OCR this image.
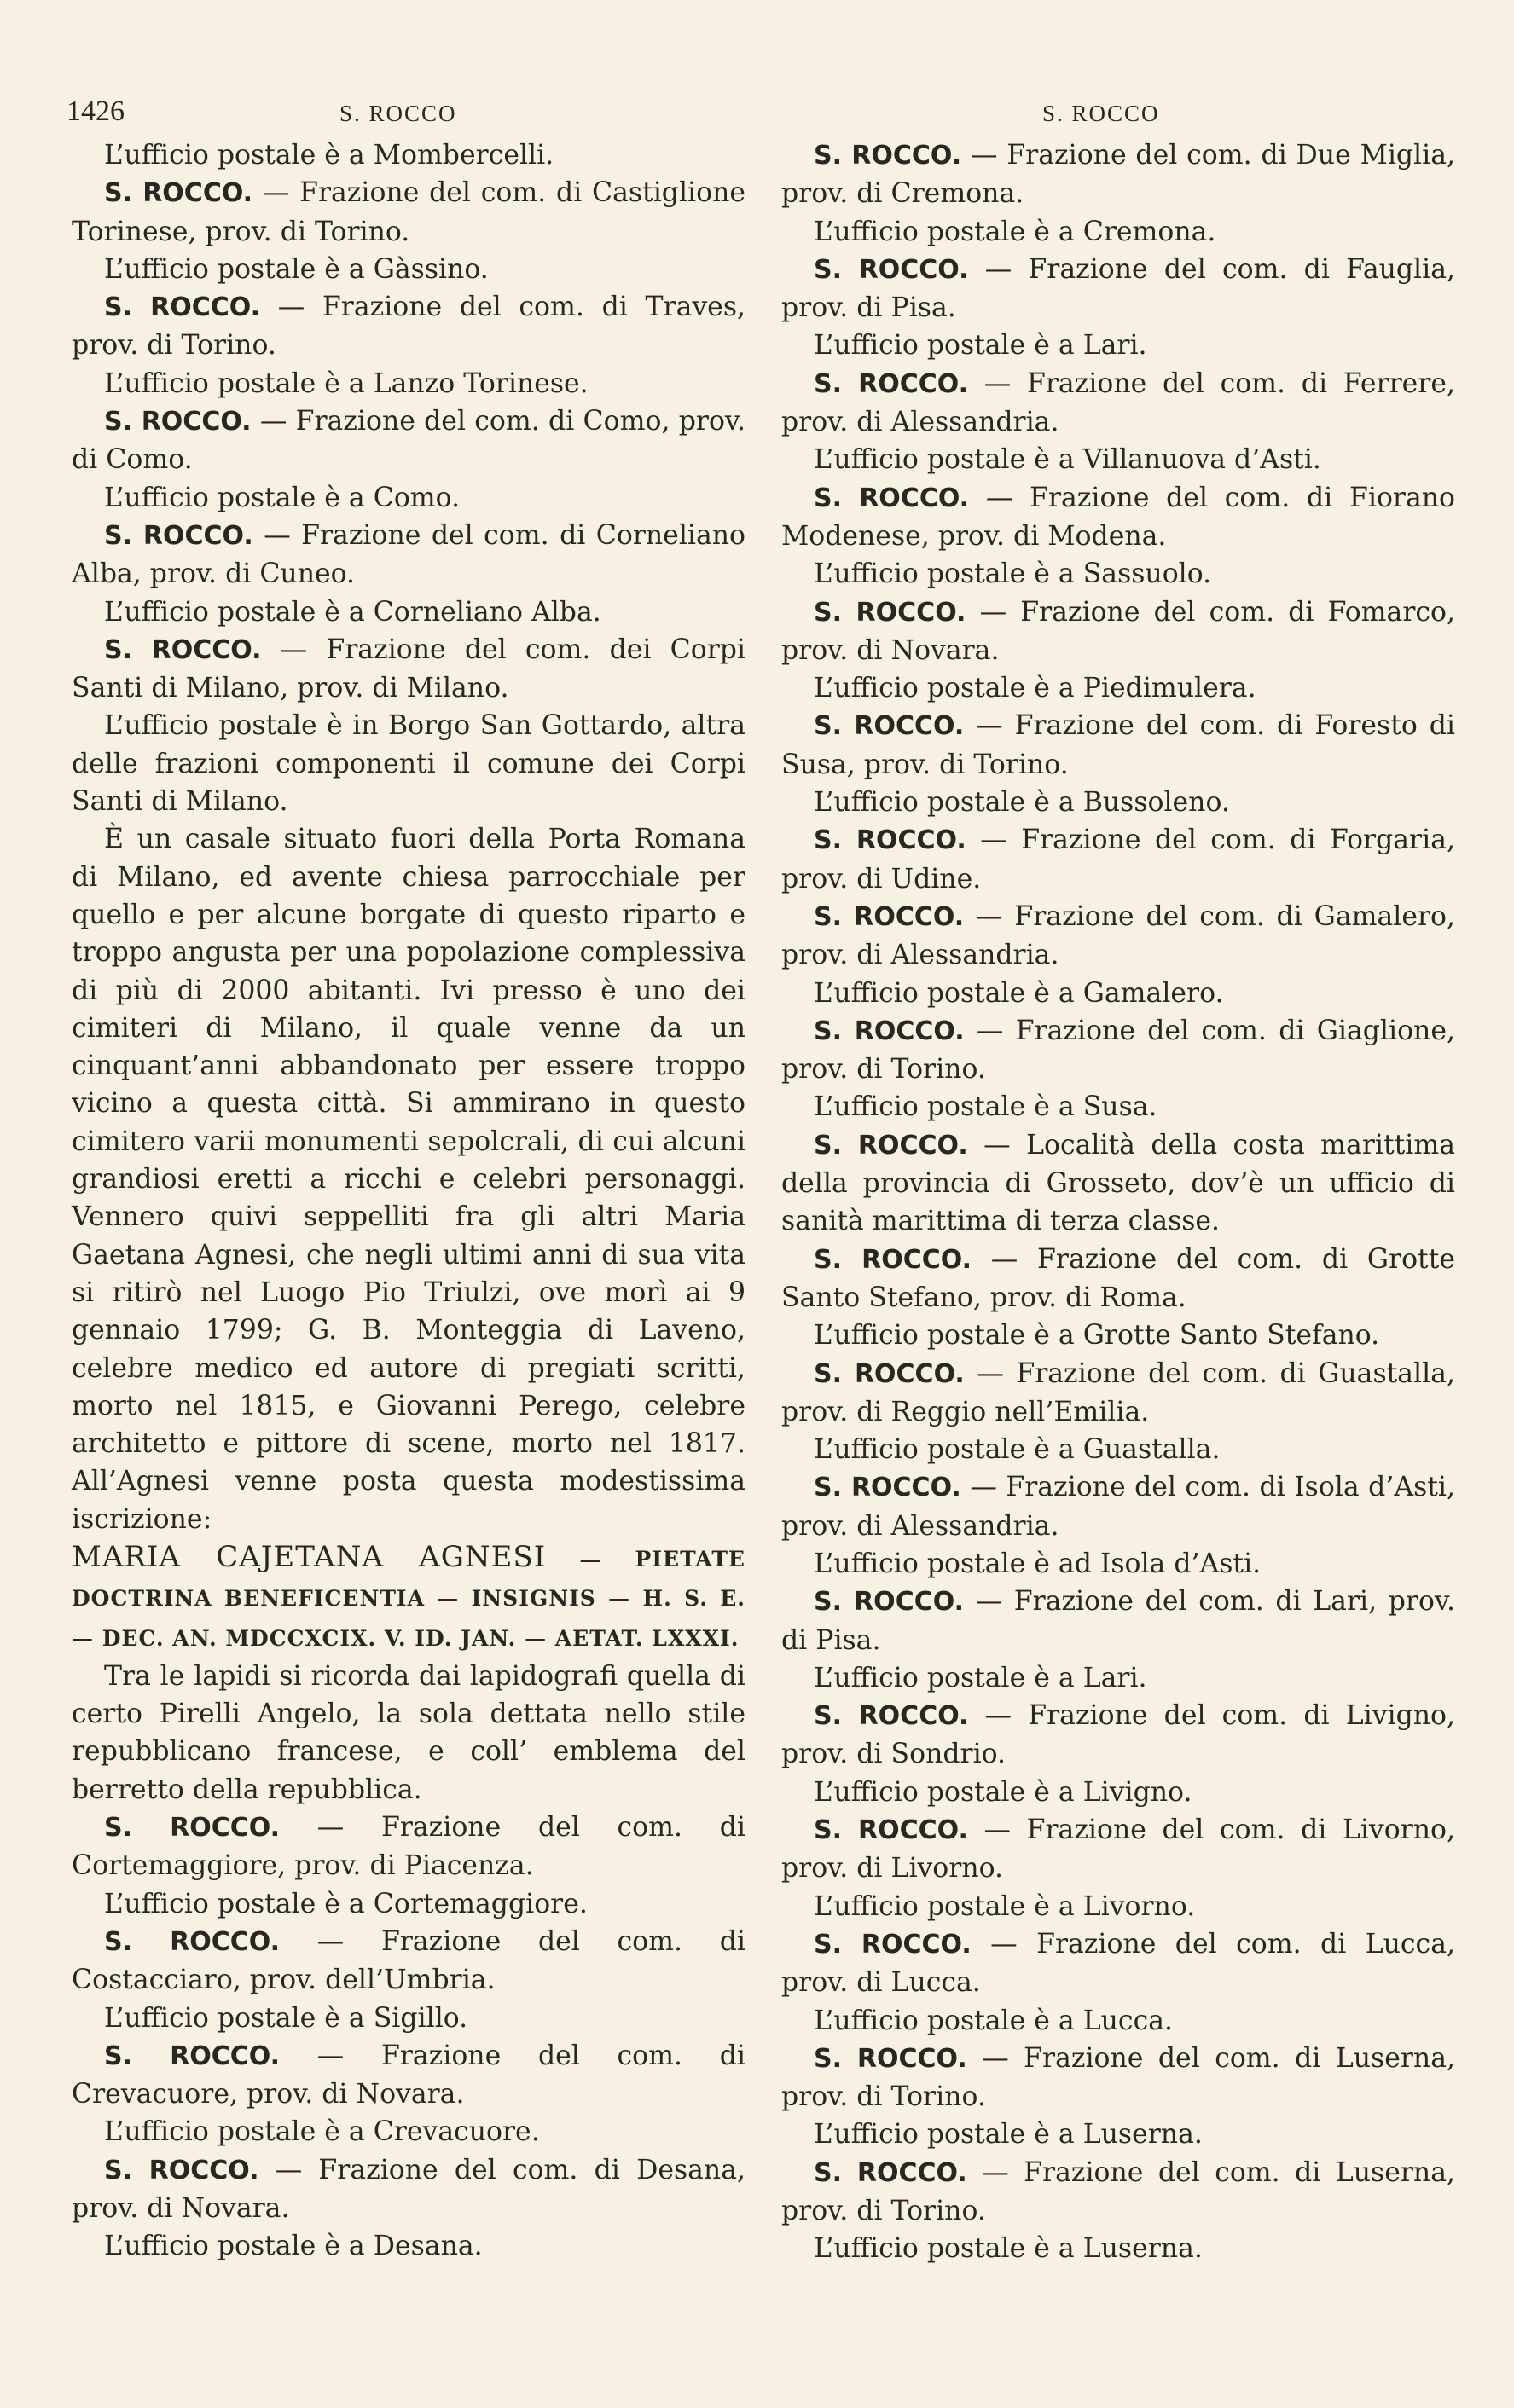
1426	S. ROCCO	S. ROCCO

L’ufficio postale è a Mombercelli.

S. ROCCO. — Frazione del com. di Castiglione Torinese, prov. di Torino.

L’ufficio postale è a Gàssino.

S. ROCCO. — Frazione del com. di Traves, prov. di Torino.

L’ufficio postale è a Lanzo Torinese.

S. ROCCO. — Frazione del com. di Como, prov. di Como.

L’ufficio postale è a Como.

S. ROCCO. — Frazione del com. di Corneliano Alba, prov. di Cuneo.

L’ufficio postale è a Corneliano Alba.

S. ROCCO. — Frazione del com. dei Corpi Santi di Milano, prov. di Milano.

L’ufficio postale è in Borgo San Gottardo, altra delle frazioni componenti il comune dei Corpi Santi di Milano.

È un casale situato fuori della Porta Romana di Milano, ed avente chiesa parrocchiale per quello e per alcune borgate di questo riparto e troppo angusta per una popolazione complessiva di più di 2000 abitanti. Ivi presso è uno dei cimiteri di Milano, il quale venne da un cinquant’anni abbandonato per essere troppo vicino a questa città. Si ammirano in questo cimitero varii monumenti sepolcrali, di cui alcuni grandiosi eretti a ricchi e celebri personaggi. Vennero quivi seppelliti fra gli altri Maria Gaetana Agnesi, che negli ultimi anni di sua vita si ritirò nel Luogo Pio Triulzi, ove morì ai 9 gennaio 1799; G. B. Monteggia di Laveno, celebre medico ed autore di pregiati scritti, morto nel 1815, e Giovanni Perego, celebre architetto e pittore di scene, morto nel 1817. All’Agnesi venne posta questa modestissima iscrizione:

MARIA CAJETANA AGNESI — PIETATE DOCTRINA BENEFICENTIA — INSIGNIS — H. S. E. — DEC. AN. MDCCXCIX. V. ID. JAN. — AETAT. LXXXI.

Tra le lapidi si ricorda dai lapidografi quella di certo Pirelli Angelo, la sola dettata nello stile repubblicano francese, e coll’ emblema del berretto della repubblica.

S. ROCCO. — Frazione del com. di Cortemaggiore, prov. di Piacenza.

L’ufficio postale è a Cortemaggiore.

S. ROCCO. — Frazione del com. di Costacciaro, prov. dell’Umbria.

L’ufficio postale è a Sigillo.

S. ROCCO. — Frazione del com. di Crevacuore, prov. di Novara.

L’ufficio postale è a Crevacuore.

S. ROCCO. — Frazione del com. di Desana, prov. di Novara.

L’ufficio postale è a Desana.

S. ROCCO. — Frazione del com. di Due Miglia, prov. di Cremona.

L’ufficio postale è a Cremona.

S. ROCCO. — Frazione del com. di Fauglia, prov. di Pisa.

L’ufficio postale è a Lari.

S. ROCCO. — Frazione del com. di Ferrere, prov. di Alessandria.

L’ufficio postale è a Villanuova d’Asti.

S. ROCCO. — Frazione del com. di Fiorano Modenese, prov. di Modena.

L’ufficio postale è a Sassuolo.

S. ROCCO. — Frazione del com. di Fomarco, prov. di Novara.

L’ufficio postale è a Piedimulera.

S. ROCCO. — Frazione del com. di Foresto di Susa, prov. di Torino.

L’ufficio postale è a Bussoleno.

S. ROCCO. — Frazione del com. di Forgaria, prov. di Udine.

S. ROCCO. — Frazione del com. di Gamalero, prov. di Alessandria.

L’ufficio postale è a Gamalero.

S. ROCCO. — Frazione del com. di Giaglione, prov. di Torino.

L’ufficio postale è a Susa.

S. ROCCO. — Località della costa marittima della provincia di Grosseto, dov’è un ufficio di sanità marittima di terza classe.

S. ROCCO. — Frazione del com. di Grotte Santo Stefano, prov. di Roma.

L’ufficio postale è a Grotte Santo Stefano.

S. ROCCO. — Frazione del com. di Guastalla, prov. di Reggio nell’Emilia.

L’ufficio postale è a Guastalla.

S. ROCCO. — Frazione del com. di Isola d’Asti, prov. di Alessandria.

L’ufficio postale è ad Isola d’Asti.

S. ROCCO. — Frazione del com. di Lari, prov. di Pisa.

L’ufficio postale è a Lari.

S. ROCCO. — Frazione del com. di Livigno, prov. di Sondrio.

L’ufficio postale è a Livigno.

S. ROCCO. — Frazione del com. di Livorno, prov. di Livorno.

L’ufficio postale è a Livorno.

S. ROCCO. — Frazione del com. di Lucca, prov. di Lucca.

L’ufficio postale è a Lucca.

S. ROCCO. — Frazione del com. di Luserna, prov. di Torino.

L’ufficio postale è a Luserna.

S. ROCCO. — Frazione del com. di Luserna, prov. di Torino.

L’ufficio postale è a Luserna.
